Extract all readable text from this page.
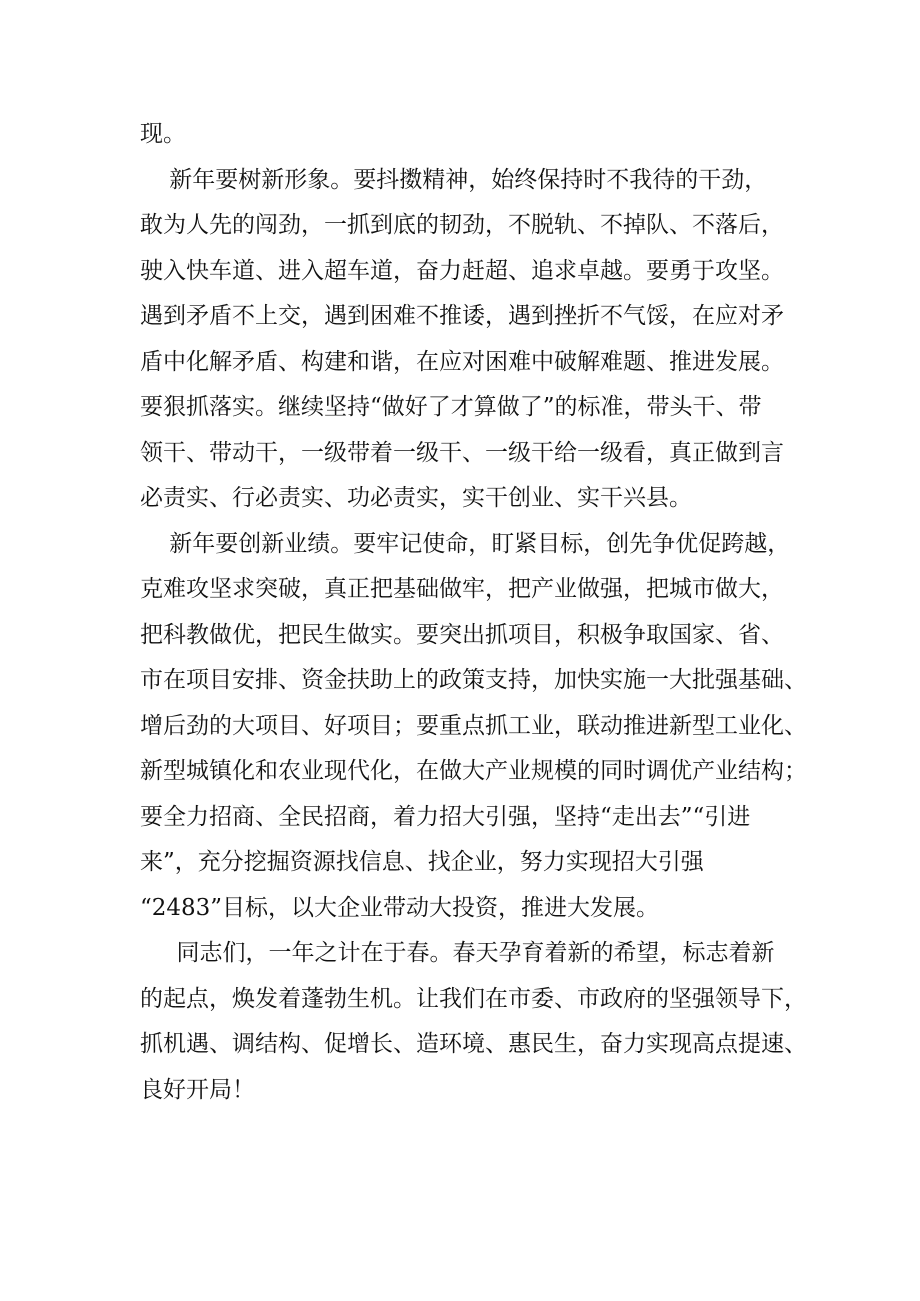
现。
新年要树新形象。要抖擞精神，始终保持时不我待的干劲，
敢为人先的闯劲，一抓到底的韧劲，不脱轨、不掉队、不落后，
驶入快车道、进入超车道，奋力赶超、追求卓越。要勇于攻坚。
遇到矛盾不上交，遇到困难不推诿，遇到挫折不气馁，在应对矛
盾中化解矛盾、构建和谐，在应对困难中破解难题、推进发展。
要狠抓落实。继续坚持“做好了才算做了”的标准，带头干、带
领干、带动干，一级带着一级干、一级干给一级看，真正做到言
必责实、行必责实、功必责实，实干创业、实干兴县。
新年要创新业绩。要牢记使命，盯紧目标，创先争优促跨越，
克难攻坚求突破，真正把基础做牢，把产业做强，把城市做大，
把科教做优，把民生做实。要突出抓项目，积极争取国家、省、
市在项目安排、资金扶助上的政策支持，加快实施一大批强基础、
增后劲的大项目、好项目；要重点抓工业，联动推进新型工业化、
新型城镇化和农业现代化，在做大产业规模的同时调优产业结构；
要全力招商、全民招商，着力招大引强，坚持“走出去”“引进
来”，充分挖掘资源找信息、找企业，努力实现招大引强
“2483”目标，以大企业带动大投资，推进大发展。
同志们，一年之计在于春。春天孕育着新的希望，标志着新
的起点，焕发着蓬勃生机。让我们在市委、市政府的坚强领导下，
抓机遇、调结构、促增长、造环境、惠民生，奋力实现高点提速、
良好开局！
